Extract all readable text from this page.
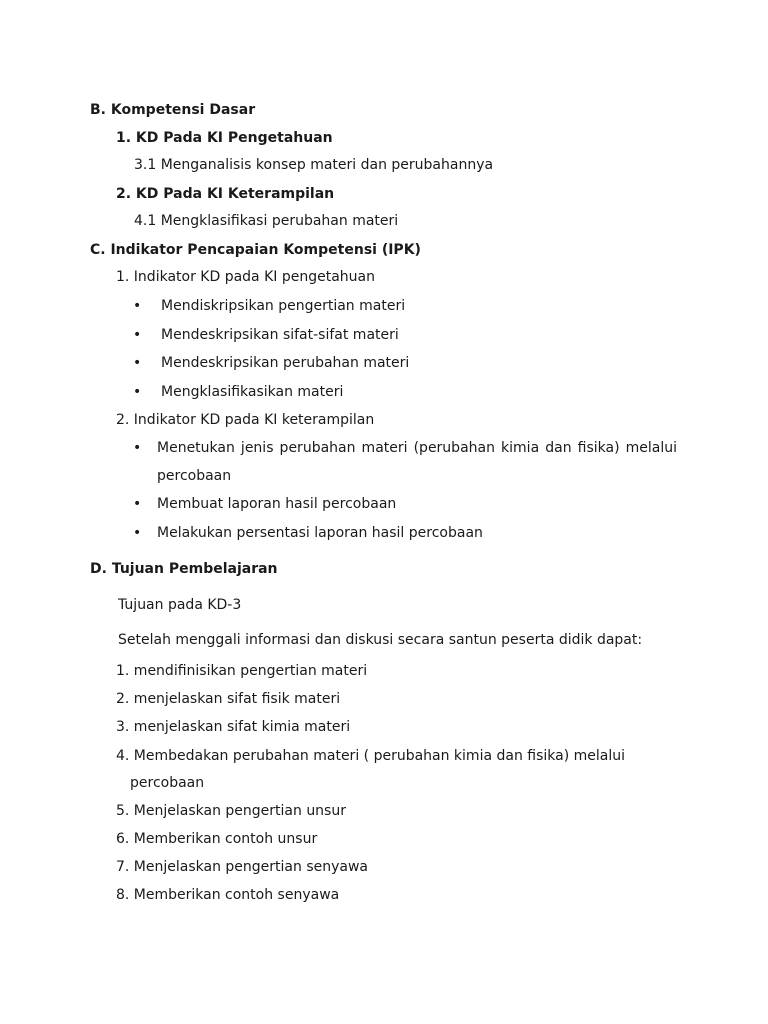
B. Kompetensi Dasar
1. KD Pada KI Pengetahuan
3.1 Menganalisis konsep materi dan perubahannya
2. KD Pada KI Keterampilan
4.1 Mengklasifikasi perubahan materi
C. Indikator Pencapaian Kompetensi (IPK)
1. Indikator KD pada KI pengetahuan
• Mendiskripsikan pengertian materi
• Mendeskripsikan sifat-sifat materi
• Mendeskripsikan perubahan materi
• Mengklasifikasikan materi
2. Indikator KD pada KI keterampilan
• Menetukan jenis perubahan materi (perubahan kimia dan fisika) melalui
percobaan
• Membuat laporan hasil percobaan
• Melakukan persentasi laporan hasil percobaan
D. Tujuan Pembelajaran
Tujuan pada KD-3
Setelah menggali informasi dan diskusi secara santun peserta didik dapat:
1. mendifinisikan pengertian materi
2. menjelaskan sifat fisik materi
3. menjelaskan sifat kimia materi
4. Membedakan perubahan materi ( perubahan kimia dan fisika) melalui
percobaan
5. Menjelaskan pengertian unsur
6. Memberikan contoh unsur
7. Menjelaskan pengertian senyawa
8. Memberikan contoh senyawa
